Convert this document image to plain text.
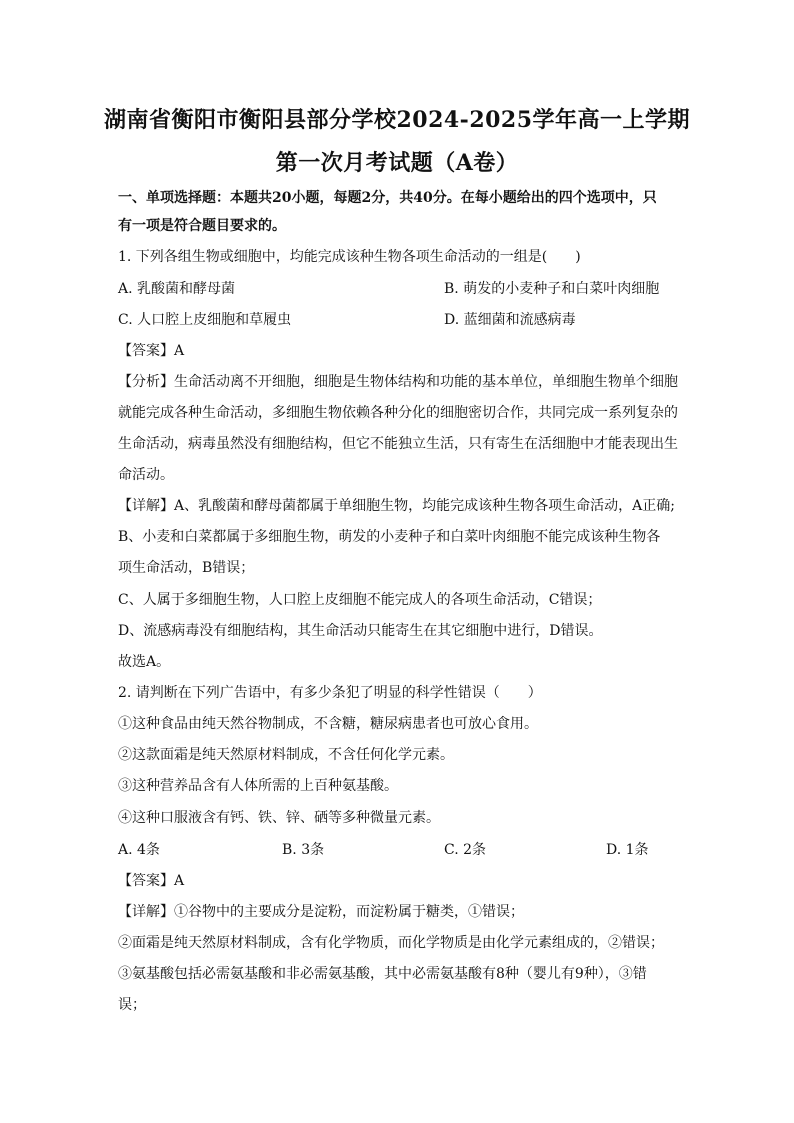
湖南省衡阳市衡阳县部分学校2024-2025学年高一上学期
第一次月考试题（A卷）
一、单项选择题：本题共20小题，每题2分，共40分。在每小题给出的四个选项中，只
有一项是符合题目要求的。
1. 下列各组生物或细胞中，均能完成该种生物各项生命活动的一组是(　　)
A. 乳酸菌和酵母菌	B. 萌发的小麦种子和白菜叶肉细胞
C. 人口腔上皮细胞和草履虫	D. 蓝细菌和流感病毒
【答案】A
【分析】生命活动离不开细胞，细胞是生物体结构和功能的基本单位，单细胞生物单个细胞
就能完成各种生命活动，多细胞生物依赖各种分化的细胞密切合作，共同完成一系列复杂的
生命活动，病毒虽然没有细胞结构，但它不能独立生活，只有寄生在活细胞中才能表现出生
命活动。
【详解】A、乳酸菌和酵母菌都属于单细胞生物，均能完成该种生物各项生命活动，A正确;
B、小麦和白菜都属于多细胞生物，萌发的小麦种子和白菜叶肉细胞不能完成该种生物各
项生命活动，B错误；
C、人属于多细胞生物，人口腔上皮细胞不能完成人的各项生命活动，C错误；
D、流感病毒没有细胞结构，其生命活动只能寄生在其它细胞中进行，D错误。
故选A。
2. 请判断在下列广告语中，有多少条犯了明显的科学性错误（　　）
①这种食品由纯天然谷物制成，不含糖，糖尿病患者也可放心食用。
②这款面霜是纯天然原材料制成，不含任何化学元素。
③这种营养品含有人体所需的上百种氨基酸。
④这种口服液含有钙、铁、锌、硒等多种微量元素。
A. 4条	B. 3条	C. 2条	D. 1条
【答案】A
【详解】①谷物中的主要成分是淀粉，而淀粉属于糖类，①错误；
②面霜是纯天然原材料制成，含有化学物质，而化学物质是由化学元素组成的，②错误；
③氨基酸包括必需氨基酸和非必需氨基酸，其中必需氨基酸有8种（婴儿有9种），③错
误；
